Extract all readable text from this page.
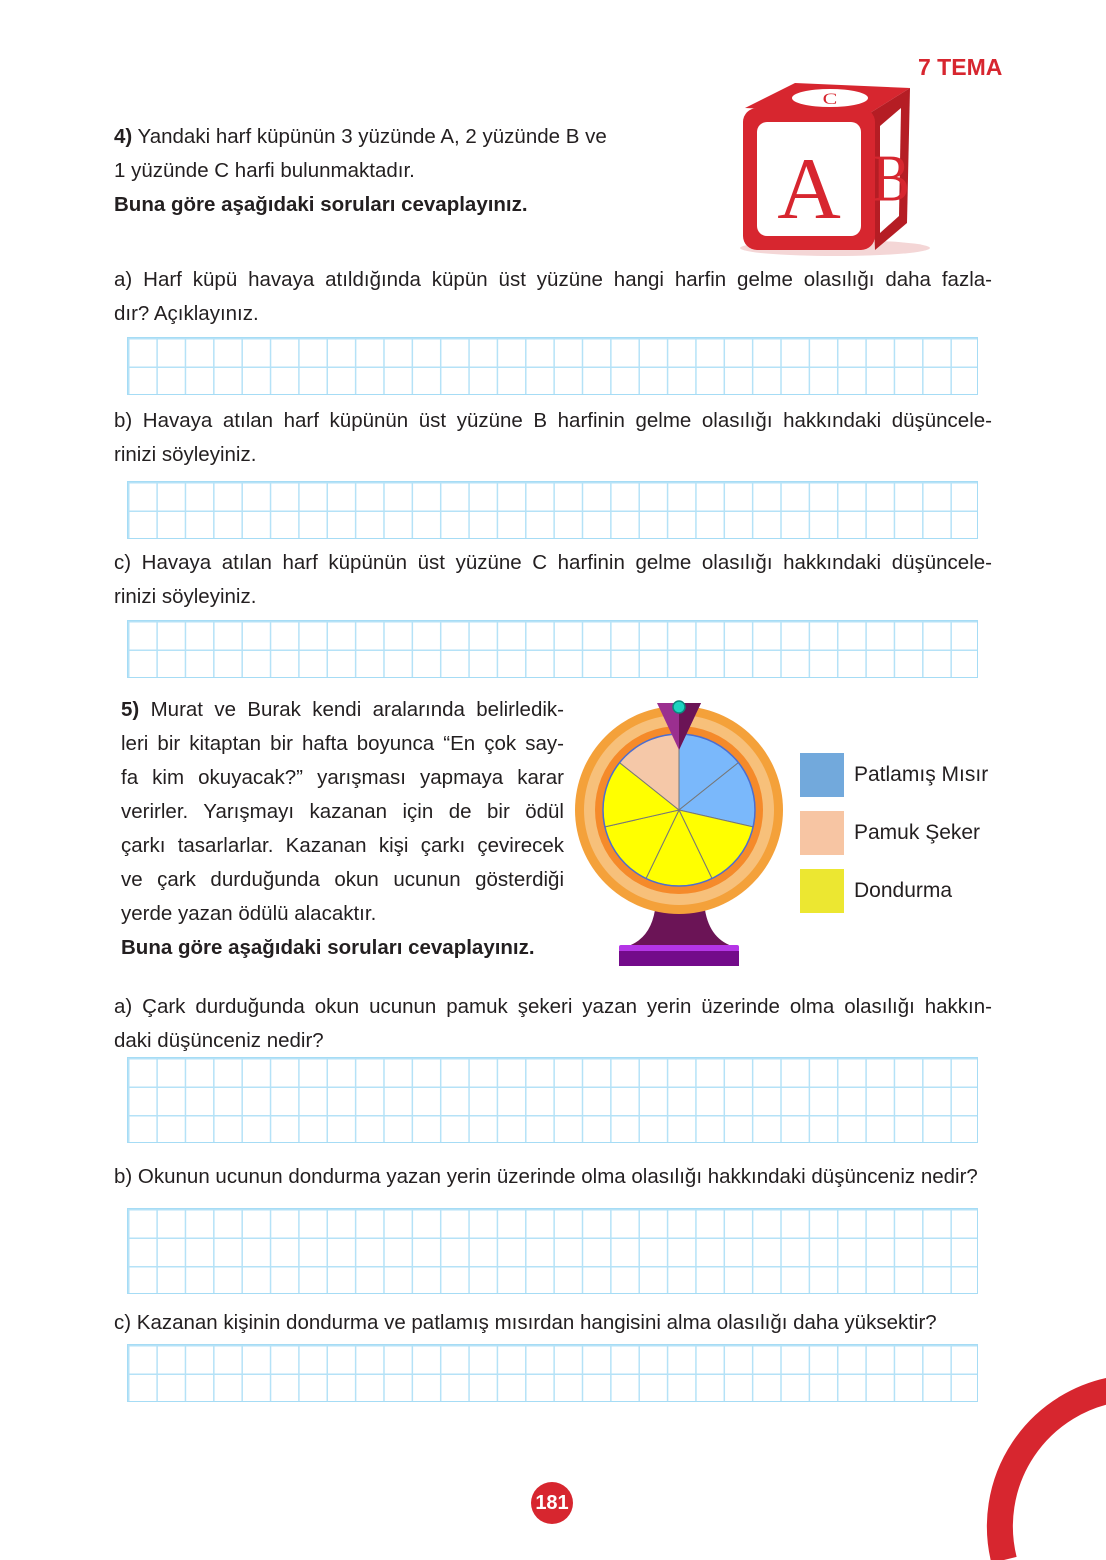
7 TEMA
4) Yandaki harf küpünün 3 yüzünde A, 2 yüzünde B ve
1 yüzünde C harfi bulunmaktadır.
Buna göre aşağıdaki soruları cevaplayınız.	A B
C
a) Harf küpü havaya atıldığında küpün üst yüzüne hangi harfin gelme olasılığı daha fazla-
dır? Açıklayınız.
b) Havaya atılan harf küpünün üst yüzüne B harfinin gelme olasılığı hakkındaki düşüncele-
rinizi söyleyiniz.
c) Havaya atılan harf küpünün üst yüzüne C harfinin gelme olasılığı hakkındaki düşüncele-
rinizi söyleyiniz.
5) Murat ve Burak kendi aralarında belirledik-
leri bir kitaptan bir hafta boyunca “En çok say-
fa kim okuyacak?” yarışması yapmaya karar
verirler. Yarışmayı kazanan için de bir ödül
çarkı tasarlarlar. Kazanan kişi çarkı çevirecek
ve çark durduğunda okun ucunun gösterdiği
yerde yazan ödülü alacaktır.
Buna göre aşağıdaki soruları cevaplayınız.
Patlamış Mısır
Pamuk Şeker
Dondurma
a) Çark durduğunda okun ucunun pamuk şekeri yazan yerin üzerinde olma olasılığı hakkın-
daki düşünceniz nedir?
b) Okunun ucunun dondurma yazan yerin üzerinde olma olasılığı hakkındaki düşünceniz nedir?
c) Kazanan kişinin dondurma ve patlamış mısırdan hangisini alma olasılığı daha yüksektir?
181
